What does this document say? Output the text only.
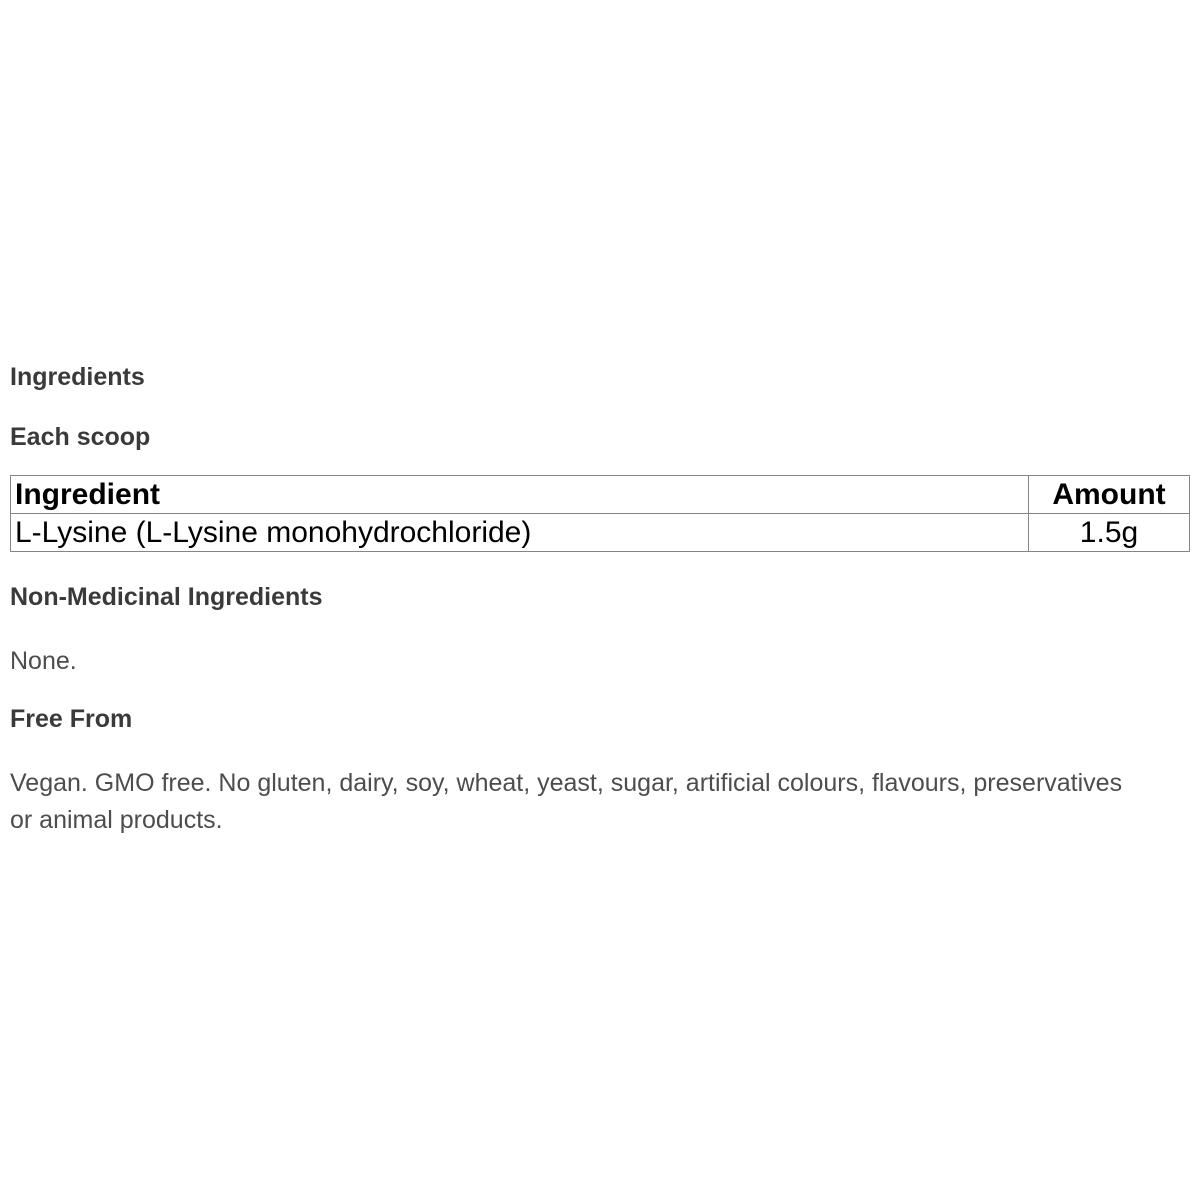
Ingredients
Each scoop
Ingredient	Amount
L-Lysine (L-Lysine monohydrochloride)	1.5g
Non-Medicinal Ingredients

None.

Free From

Vegan. GMO free. No gluten, dairy, soy, wheat, yeast, sugar, artificial colours, flavours, preservatives or animal products.
